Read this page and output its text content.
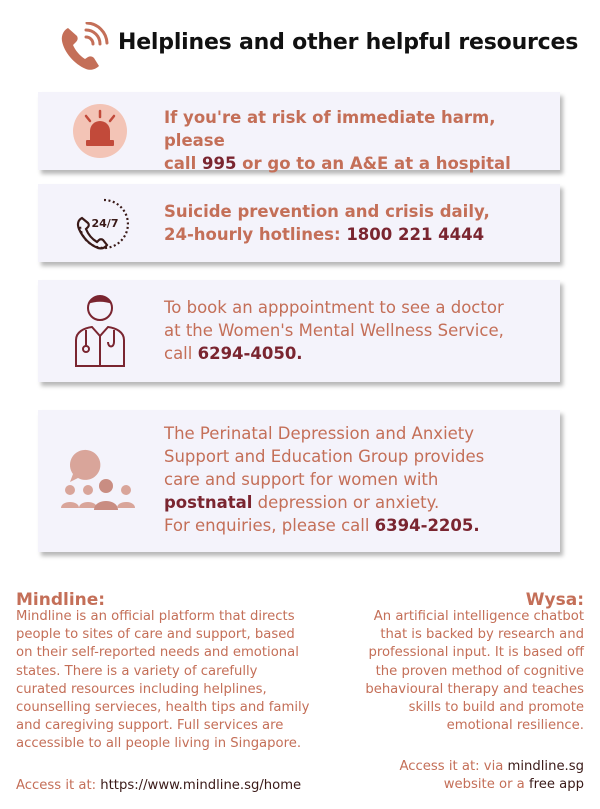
Helplines and other helpful resources
If you're at risk of immediate harm, please
call 995 or go to an A&E at a hospital
24/7
Suicide prevention and crisis daily,
24-hourly hotlines: 1800 221 4444
To book an apppointment to see a doctor
at the Women's Mental Wellness Service,
call 6294-4050.
The Perinatal Depression and Anxiety
Support and Education Group provides
care and support for women with
postnatal depression or anxiety.
For enquiries, please call 6394-2205.
Mindline:
Mindline is an official platform that directs
people to sites of care and support, based
on their self-reported needs and emotional
states. There is a variety of carefully
curated resources including helplines,
counselling servieces, health tips and family
and caregiving support. Full services are
accessible to all people living in Singapore.
Access it at: https://www.mindline.sg/home
Wysa:
An artificial intelligence chatbot
that is backed by research and
professional input. It is based off
the proven method of cognitive
behavioural therapy and teaches
skills to build and promote
emotional resilience.
Access it at: via mindline.sg
website or a free app
